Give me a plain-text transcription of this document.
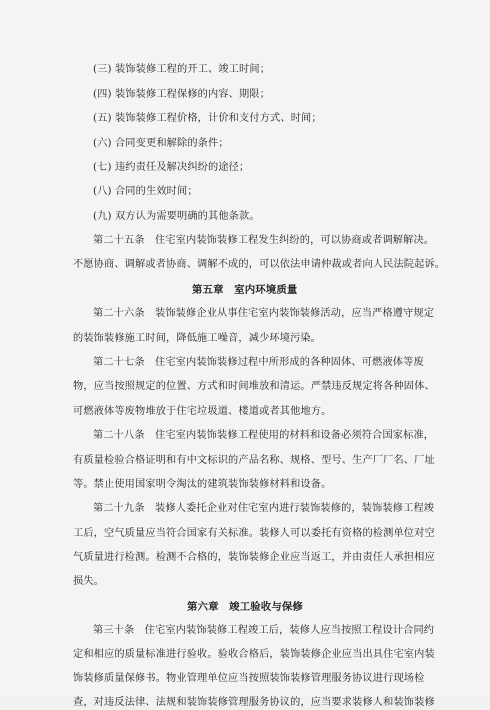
(三) 装饰装修工程的开工、竣工时间；
(四) 装饰装修工程保修的内容、期限；
(五) 装饰装修工程价格，计价和支付方式、时间；
(六) 合同变更和解除的条件；
(七) 违约责任及解决纠纷的途径；
(八) 合同的生效时间；
(九) 双方认为需要明确的其他条款。
第二十五条　住宅室内装饰装修工程发生纠纷的，可以协商或者调解解决。
不愿协商、调解或者协商、调解不成的，可以依法申请仲裁或者向人民法院起诉。
第五章　室内环境质量
第二十六条　装饰装修企业从事住宅室内装饰装修活动，应当严格遵守规定
的装饰装修施工时间，降低施工噪音，减少环境污染。
第二十七条　住宅室内装饰装修过程中所形成的各种固体、可燃液体等废
物，应当按照规定的位置、方式和时间堆放和清运。严禁违反规定将各种固体、
可燃液体等废物堆放于住宅垃圾道、楼道或者其他地方。
第二十八条　住宅室内装饰装修工程使用的材料和设备必须符合国家标准，
有质量检验合格证明和有中文标识的产品名称、规格、型号、生产厂厂名、厂址
等。禁止使用国家明令淘汰的建筑装饰装修材料和设备。
第二十九条　装修人委托企业对住宅室内进行装饰装修的，装饰装修工程竣
工后，空气质量应当符合国家有关标准。装修人可以委托有资格的检测单位对空
气质量进行检测。检测不合格的，装饰装修企业应当返工，并由责任人承担相应
损失。
第六章　竣工验收与保修
第三十条　住宅室内装饰装修工程竣工后，装修人应当按照工程设计合同约
定和相应的质量标准进行验收。验收合格后，装饰装修企业应当出具住宅室内装
饰装修质量保修书。物业管理单位应当按照装饰装修管理服务协议进行现场检
查，对违反法律、法规和装饰装修管理服务协议的，应当要求装修人和装饰装修
